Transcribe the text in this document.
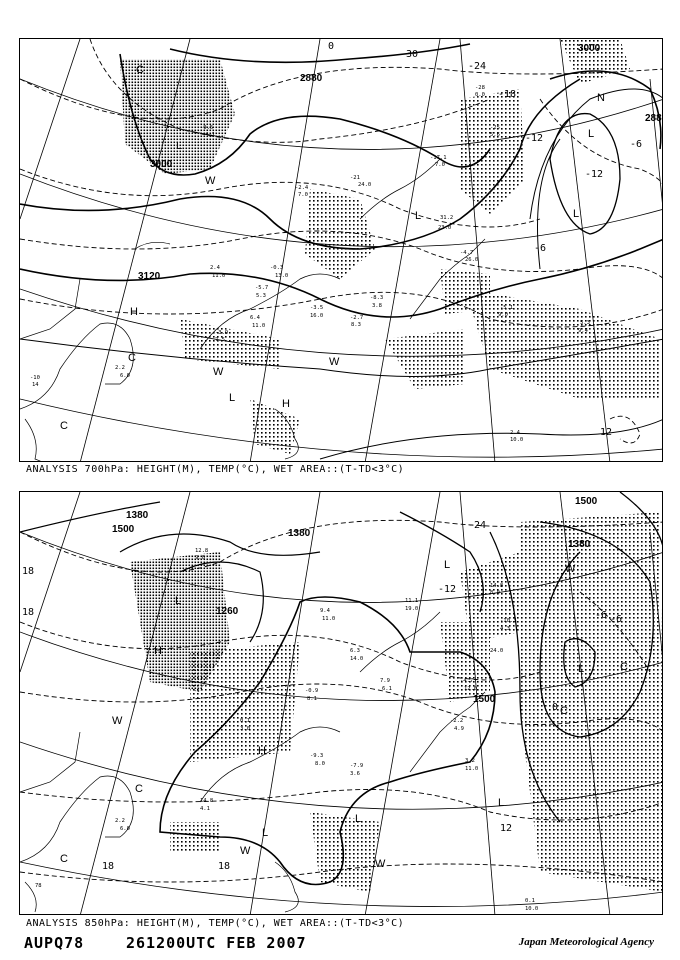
-9.5
4.1
-2.4
7.0
-21
24.0
31.2
23.0
-4.7
26.0
2.4
11.0
-5.7
5.3
-3.5
16.0	-2.7
8.3
-8.3
3.8
-3.9
7.5
6.4
11.0
-5.1
9.0
5.3
9.4
2.4
10.0
-10
14
2.2
6.0
-28
0.0
-25
5.6
-17.1
7.0
-0.3
13.0
3000
3000
3120
2880
288
-30
-24
-18
-6
-12
0
12
-6
-12
L
L
L
L
H
H
L
C
C
C
W
W
W
N
ANALYSIS 700hPa: HEIGHT(M), TEMP(°C), WET AREA::(T-TD<3°C)
12.8
9.0
9.4
11.0
6.3
14.0
7.9
6.1
-4.7
12.0
-2.2
4.9
-0.9
8.1
0.1
3.0
-9.3
8.0	-7.9
3.6
14.8
4.1
3.2
11.0
24.0
-10.3
4.3
14.8
8.0
0.1
10.0
78
2.2
6.0
11.1
19.0
1500
1380
1380
1500
1380
1500
1260
18
18
-24
-6
12
18	18
0
-6
-12
L
L
L
L
L
L
H
H
W
W
W
W
C
C
C
C
ANALYSIS 850hPa: HEIGHT(M), TEMP(°C), WET AREA::(T-TD<3°C)
AUPQ78	261200UTC FEB 2007	Japan Meteorological Agency
